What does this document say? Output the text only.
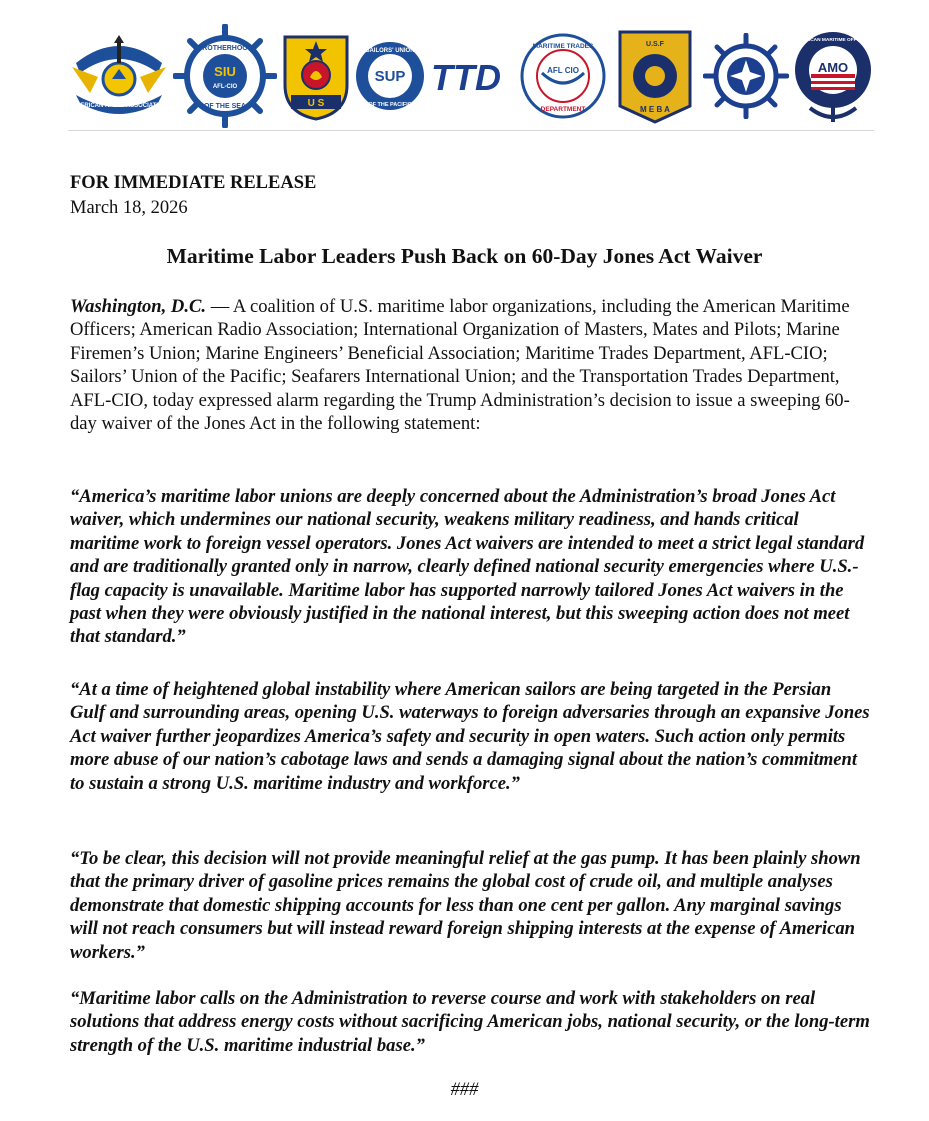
AMERICAN RADIO ASSOCIATION
BROTHERHOOD
SIU
AFL-CIO
OF THE SEA	U S
SAILORS' UNION
SUP
OF THE PACIFIC
TTD
MARITIME TRADES
AFL CIO
DEPARTMENT
U.S.F
M E B A
AMERICAN MARITIME OFFICERS
AMO

FOR IMMEDIATE RELEASE

March 18, 2026

Maritime Labor Leaders Push Back on 60-Day Jones Act Waiver

Washington, D.C. — A coalition of U.S. maritime labor organizations, including the American Maritime Officers; American Radio Association; International Organization of Masters, Mates and Pilots; Marine Firemen’s Union; Marine Engineers’ Beneficial Association; Maritime Trades Department, AFL-CIO; Sailors’ Union of the Pacific; Seafarers International Union; and the Transportation Trades Department, AFL-CIO, today expressed alarm regarding the Trump Administration’s decision to issue a sweeping 60-day waiver of the Jones Act in the following statement:

“America’s maritime labor unions are deeply concerned about the Administration’s broad Jones Act waiver, which undermines our national security, weakens military readiness, and hands critical maritime work to foreign vessel operators. Jones Act waivers are intended to meet a strict legal standard and are traditionally granted only in narrow, clearly defined national security emergencies where U.S.-flag capacity is unavailable. Maritime labor has supported narrowly tailored Jones Act waivers in the past when they were obviously justified in the national interest, but this sweeping action does not meet that standard.”

“At a time of heightened global instability where American sailors are being targeted in the Persian Gulf and surrounding areas, opening U.S. waterways to foreign adversaries through an expansive Jones Act waiver further jeopardizes America’s safety and security in open waters. Such action only permits more abuse of our nation’s cabotage laws and sends a damaging signal about the nation’s commitment to sustain a strong U.S. maritime industry and workforce.”

“To be clear, this decision will not provide meaningful relief at the gas pump. It has been plainly shown that the primary driver of gasoline prices remains the global cost of crude oil, and multiple analyses demonstrate that domestic shipping accounts for less than one cent per gallon. Any marginal savings will not reach consumers but will instead reward foreign shipping interests at the expense of American workers.”

“Maritime labor calls on the Administration to reverse course and work with stakeholders on real solutions that address energy costs without sacrificing American jobs, national security, or the long-term strength of the U.S. maritime industrial base.”

###
